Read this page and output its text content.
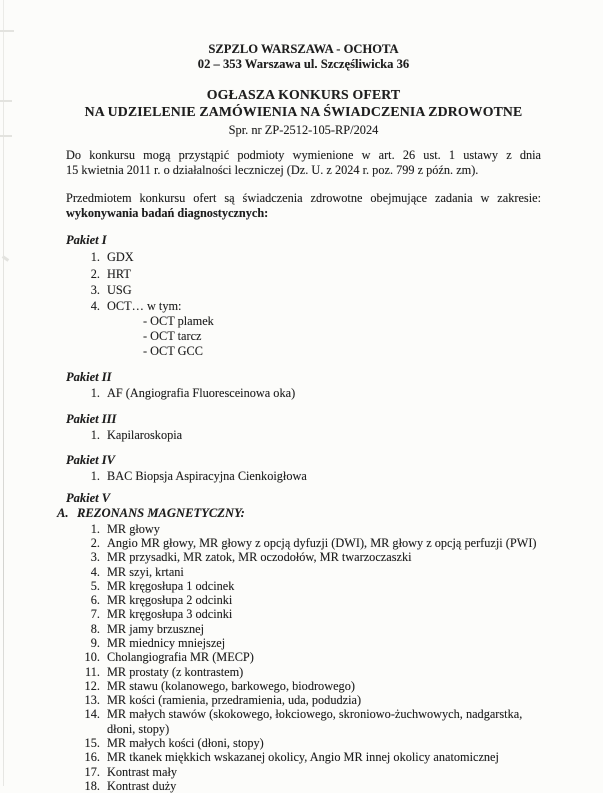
SZPZLO WARSZAWA - OCHOTA
02 – 353 Warszawa ul. Szczęśliwicka 36
OGŁASZA KONKURS OFERT
NA UDZIELENIE ZAMÓWIENIA NA ŚWIADCZENIA ZDROWOTNE
Spr. nr ZP-2512-105-RP/2024

Do konkursu mogą przystąpić podmioty wymienione w art. 26 ust. 1 ustawy z dnia
15 kwietnia 2011 r. o działalności leczniczej (Dz. U. z 2024 r. poz. 799 z późn. zm).

Przedmiotem konkursu ofert są świadczenia zdrowotne obejmujące zadania w zakresie:
wykonywania badań diagnostycznych:

Pakiet I
1. GDX
2. HRT
3. USG
4. OCT… w tym:
- OCT plamek
- OCT tarcz
- OCT GCC
Pakiet II
1. AF (Angiografia Fluoresceinowa oka)
Pakiet III
1. Kapilaroskopia
Pakiet IV
1. BAC Biopsja Aspiracyjna Cienkoigłowa
Pakiet V
A. REZONANS MAGNETYCZNY:
1. MR głowy
2. Angio MR głowy, MR głowy z opcją dyfuzji (DWI), MR głowy z opcją perfuzji (PWI)
3. MR przysadki, MR zatok, MR oczodołów, MR twarzoczaszki
4. MR szyi, krtani
5. MR kręgosłupa 1 odcinek
6. MR kręgosłupa 2 odcinki
7. MR kręgosłupa 3 odcinki
8. MR jamy brzusznej
9. MR miednicy mniejszej
10. Cholangiografia MR (MECP)
11. MR prostaty (z kontrastem)
12. MR stawu (kolanowego, barkowego, biodrowego)
13. MR kości (ramienia, przedramienia, uda, podudzia)
14. MR małych stawów (skokowego, łokciowego, skroniowo-żuchwowych, nadgarstka, dłoni, stopy)
15. MR małych kości (dłoni, stopy)
16. MR tkanek miękkich wskazanej okolicy, Angio MR innej okolicy anatomicznej
17. Kontrast mały
18. Kontrast duży
